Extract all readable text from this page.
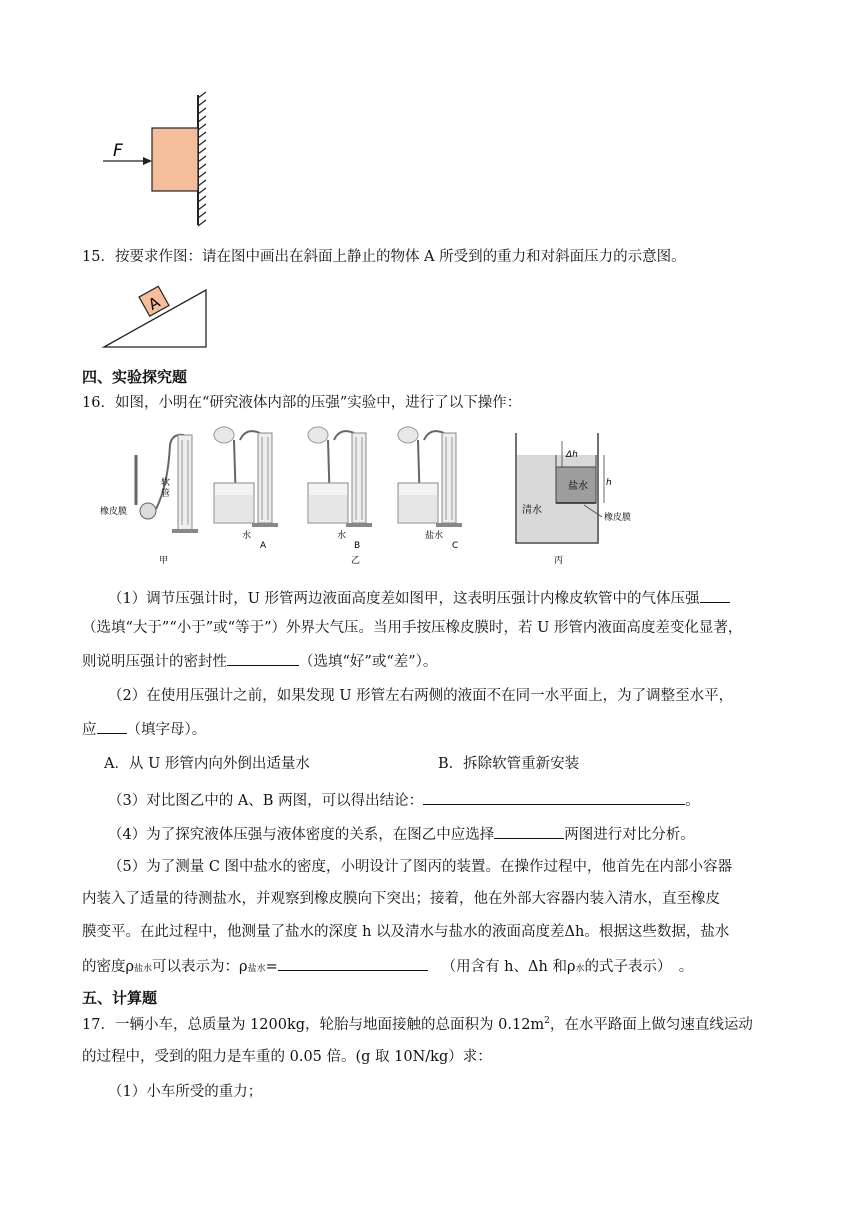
F
15．按要求作图：请在图中画出在斜面上静止的物体 A 所受到的重力和对斜面压力的示意图。
A
四、实验探究题
16．如图，小明在“研究液体内部的压强”实验中，进行了以下操作：
软
管
橡皮膜
甲
水
A
水
B
乙
盐水
C
Δh
h
盐水
清水
橡皮膜
丙
（1）调节压强计时，U 形管两边液面高度差如图甲，这表明压强计内橡皮软管中的气体压强
（选填“大于”“小于”或“等于”）外界大气压。当用手按压橡皮膜时，若 U 形管内液面高度差变化显著，
则说明压强计的密封性	（选填“好”或“差”）。
（2）在使用压强计之前，如果发现 U 形管左右两侧的液面不在同一水平面上，为了调整至水平，
应 （填字母）。
A．从 U 形管内向外倒出适量水	B．拆除软管重新安装
（3）对比图乙中的 A、B 两图，可以得出结论：	。
（4）为了探究液体压强与液体密度的关系，在图乙中应选择	两图进行对比分析。
（5）为了测量 C 图中盐水的密度，小明设计了图丙的装置。在操作过程中，他首先在内部小容器
内装入了适量的待测盐水，并观察到橡皮膜向下突出；接着，他在外部大容器内装入清水，直至橡皮
膜变平。在此过程中，他测量了盐水的深度 h 以及清水与盐水的液面高度差Δh。根据这些数据，盐水
的密度ρ盐水可以表示为：ρ盐水=	（用含有 h、Δh 和ρ水的式子表示）　。
五、计算题
17．一辆小车，总质量为 1200kg，轮胎与地面接触的总面积为 $0.12m^2$，在水平路面上做匀速直线运动
的过程中，受到的阻力是车重的 0.05 倍。(g 取 10N/kg）求：
（1）小车所受的重力；
